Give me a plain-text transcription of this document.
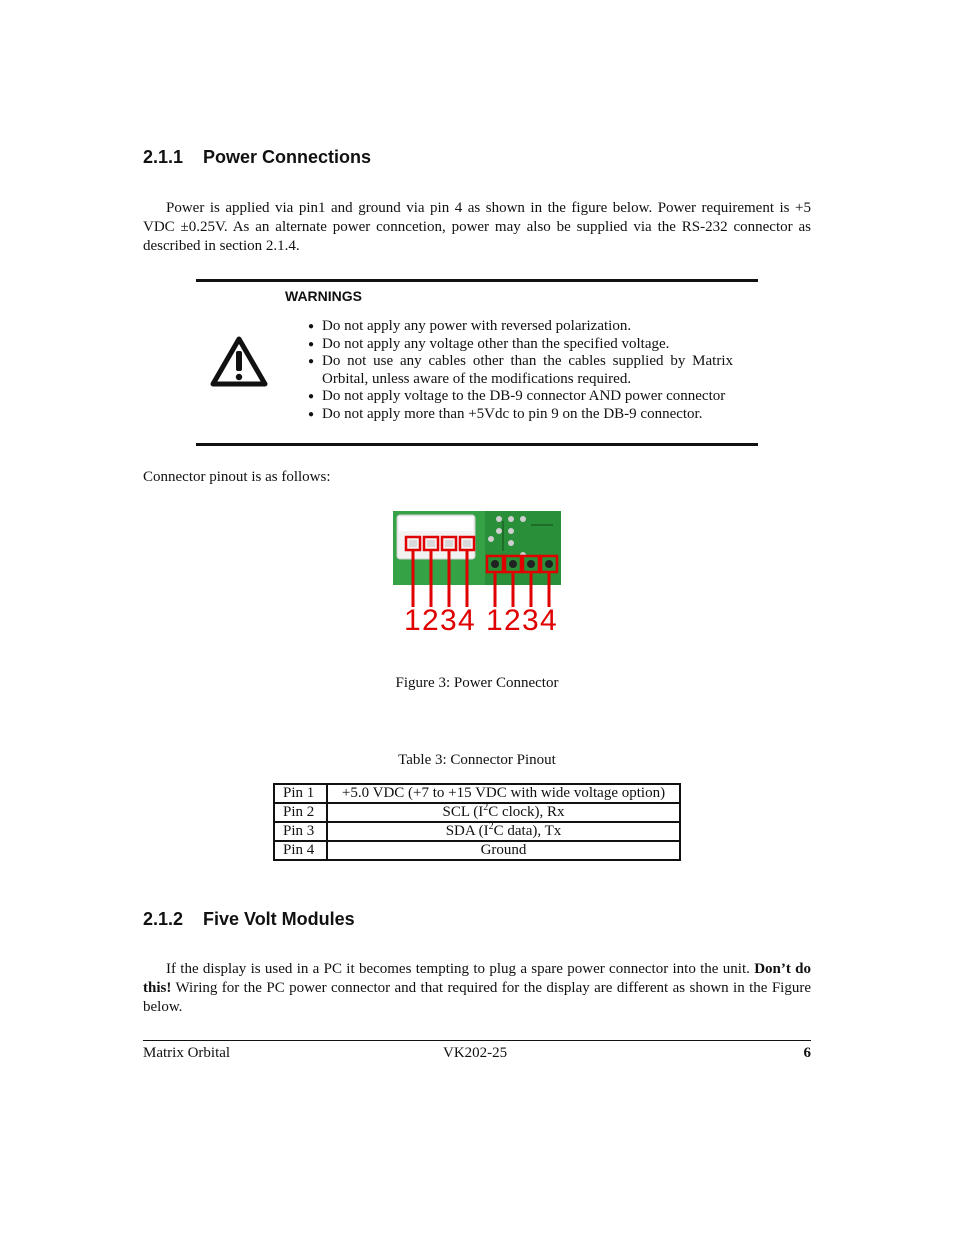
2.1.1 Power Connections
Power is applied via pin1 and ground via pin 4 as shown in the figure below. Power requirement is +5 VDC ±0.25V. As an alternate power conncetion, power may also be supplied via the RS-232 connector as described in section 2.1.4.
WARNINGS
● Do not apply any power with reversed polarization.
● Do not apply any voltage other than the specified voltage.
● Do not use any cables other than the cables supplied by Matrix Orbital, unless aware of the modifications required.
● Do not apply voltage to the DB-9 connector AND power connector
● Do not apply more than +5Vdc to pin 9 on the DB-9 connector.
Connector pinout is as follows:
1 2 3 4 1 2 3 4
Figure 3: Power Connector
Table 3: Connector Pinout
Pin 1	+5.0 VDC (+7 to +15 VDC with wide voltage option)
Pin 2	SCL ($I^2C$ clock), Rx
Pin 3	SDA ($I^2C$ data), Tx
Pin 4	Ground
2.1.2 Five Volt Modules
If the display is used in a PC it becomes tempting to plug a spare power connector into the unit. Don’t do this! Wiring for the PC power connector and that required for the display are different as shown in the Figure below.
Matrix Orbital	VK202-25	6
